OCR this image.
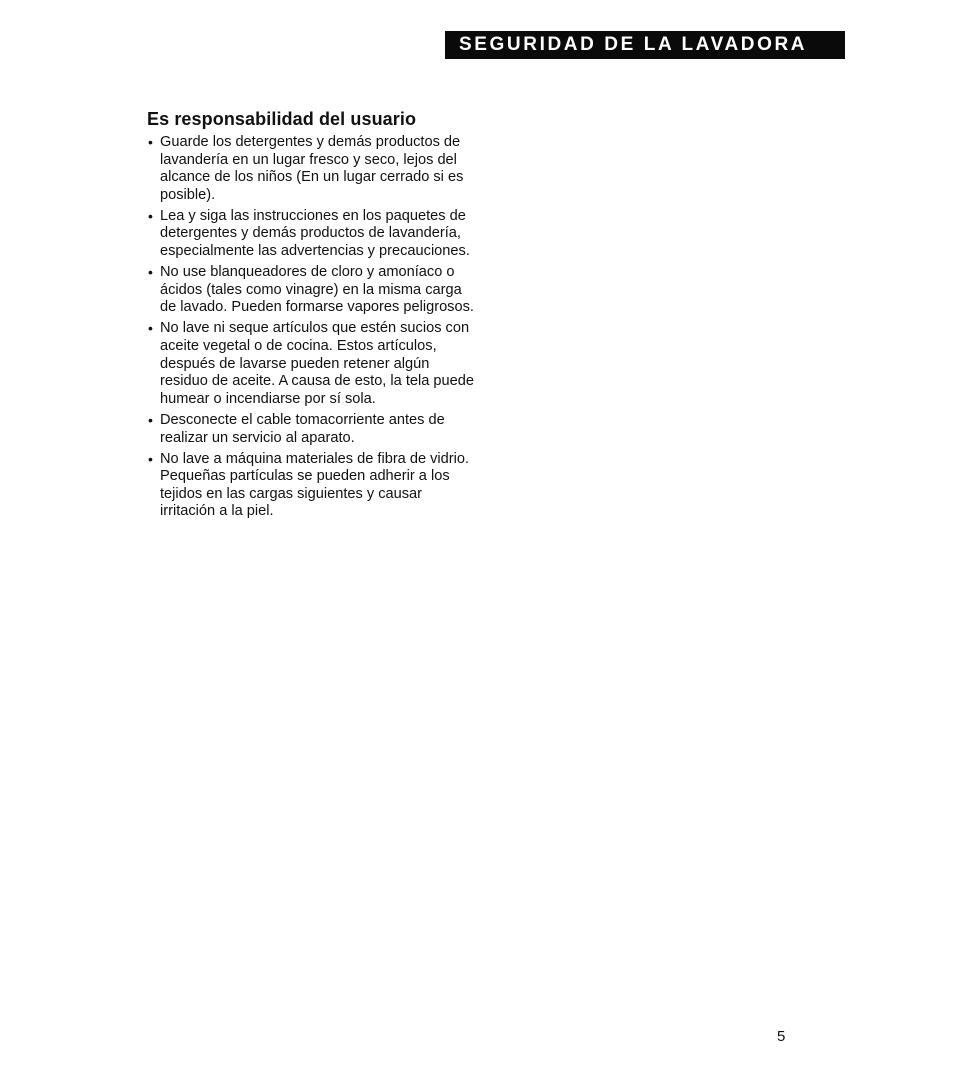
SEGURIDAD DE LA LAVADORA
Es responsabilidad del usuario
• Guarde los detergentes y demás productos de lavandería en un lugar fresco y seco, lejos del alcance de los niños (En un lugar cerrado si es posible).
• Lea y siga las instrucciones en los paquetes de detergentes y demás productos de lavandería, especialmente las advertencias y precauciones.
• No use blanqueadores de cloro y amoníaco o ácidos (tales como vinagre) en la misma carga de lavado. Pueden formarse vapores peligrosos.
• No lave ni seque artículos que estén sucios con aceite vegetal o de cocina. Estos artículos, después de lavarse pueden retener algún residuo de aceite. A causa de esto, la tela puede humear o incendiarse por sí sola.
• Desconecte el cable tomacorriente antes de realizar un servicio al aparato.
• No lave a máquina materiales de fibra de vidrio. Pequeñas partículas se pueden adherir a los tejidos en las cargas siguientes y causar irritación a la piel.
5
